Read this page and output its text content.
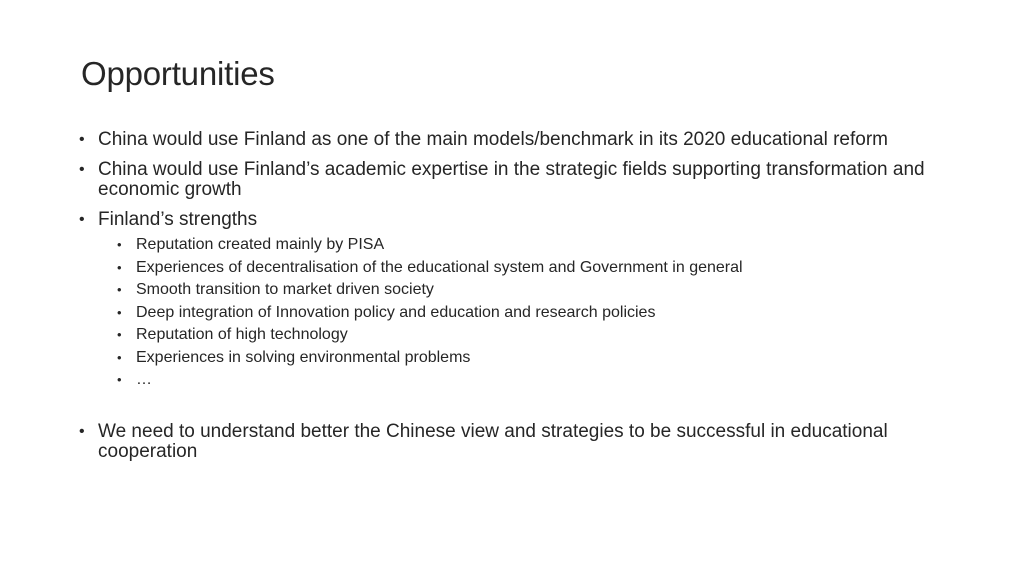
Opportunities
• China would use Finland as one of the main models/benchmark in its 2020 educational reform
• China would use Finland’s academic expertise in the strategic fields supporting transformation and economic growth
• Finland’s strengths
• Reputation created mainly by PISA
• Experiences of decentralisation of the educational system and Government in general
• Smooth transition to market driven society
• Deep integration of Innovation policy and education and research policies
• Reputation of high technology
• Experiences in solving environmental problems
• …
• We need to understand better the Chinese view and strategies to be successful in educational cooperation
